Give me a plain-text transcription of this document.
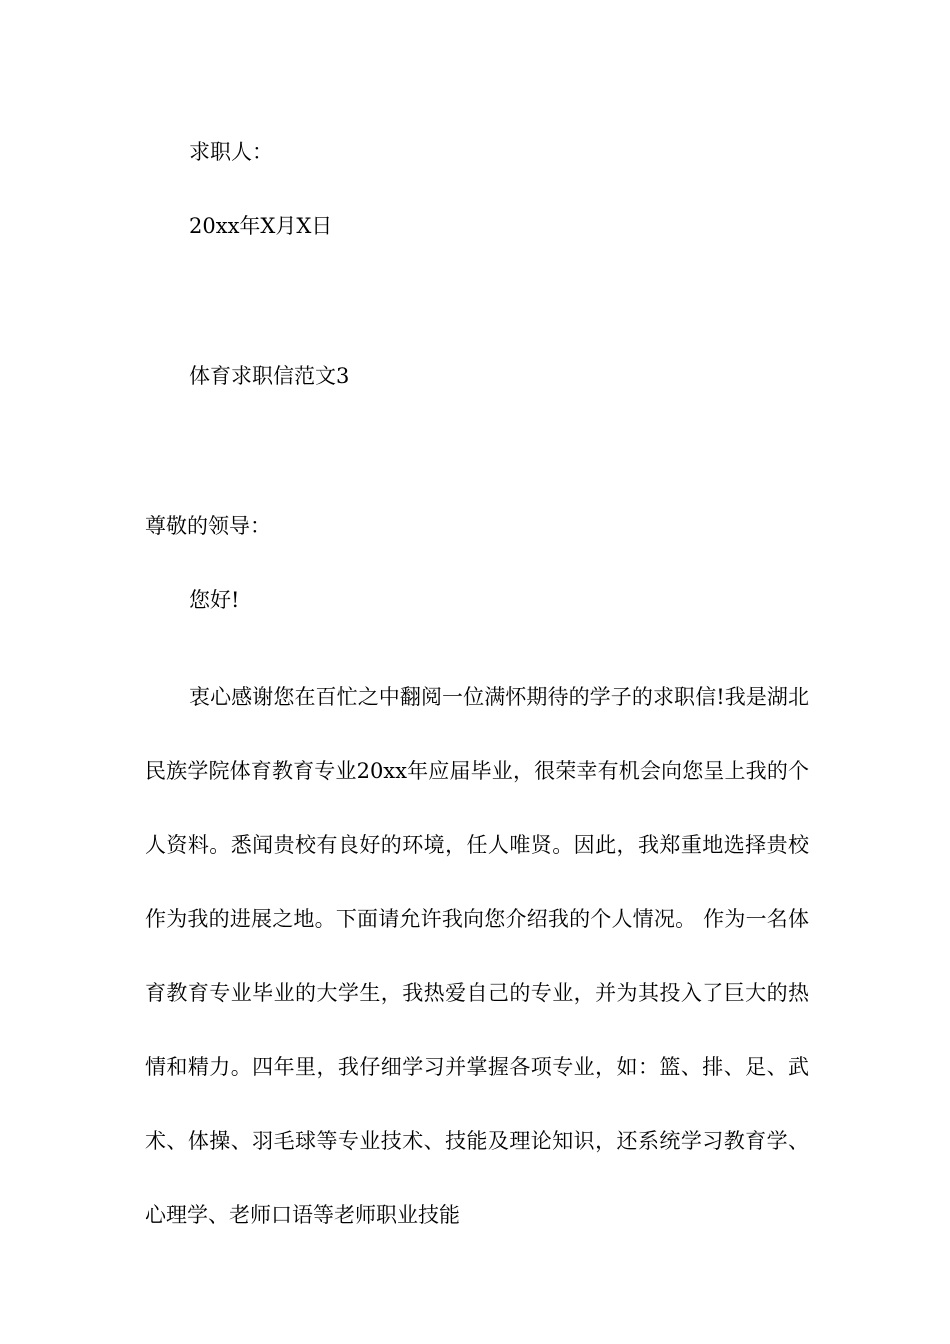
求职人：

20xx年X月X日

体育求职信范文3

尊敬的领导：

您好!

衷心感谢您在百忙之中翻阅一位满怀期待的学子的求职信!我是湖北民族学院体育教育专业20xx年应届毕业，很荣幸有机会向您呈上我的个人资料。悉闻贵校有良好的环境，任人唯贤。因此，我郑重地选择贵校作为我的进展之地。下面请允许我向您介绍我的个人情况。 作为一名体育教育专业毕业的大学生，我热爱自己的专业，并为其投入了巨大的热情和精力。四年里，我仔细学习并掌握各项专业，如：篮、排、足、武术、体操、羽毛球等专业技术、技能及理论知识，还系统学习教育学、心理学、老师口语等老师职业技能
